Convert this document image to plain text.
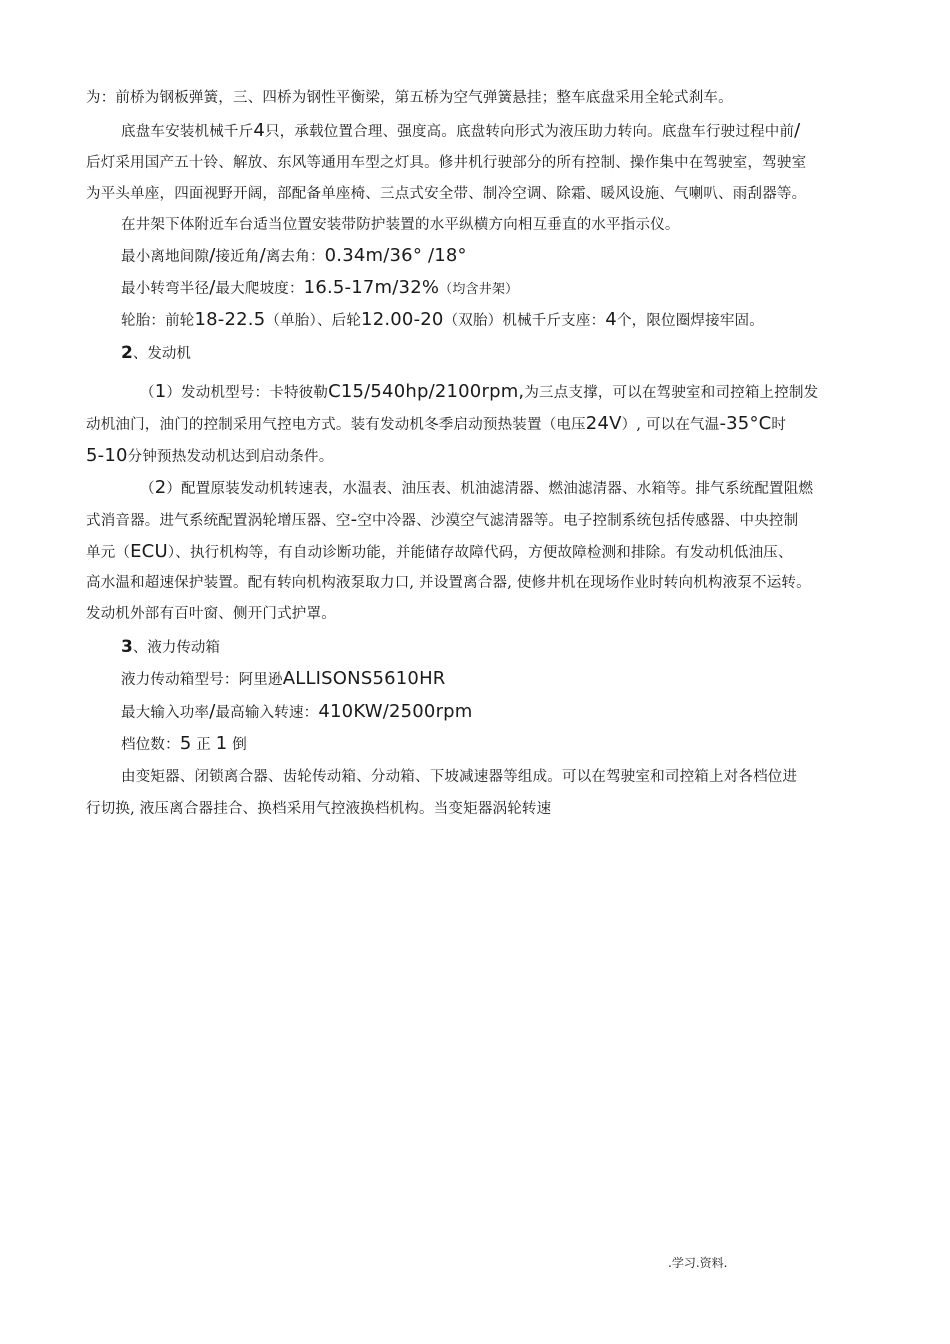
为：前桥为钢板弹簧，三、四桥为钢性平衡梁，第五桥为空气弹簧悬挂；整车底盘采用全轮式刹车。
底盘车安装机械千斤4只，承载位置合理、强度高。底盘转向形式为液压助力转向。底盘车行驶过程中前/
后灯采用国产五十铃、解放、东风等通用车型之灯具。修井机行驶部分的所有控制、操作集中在驾驶室，驾驶室
为平头单座，四面视野开阔，部配备单座椅、三点式安全带、制冷空调、除霜、暖风设施、气喇叭、雨刮器等。
在井架下体附近车台适当位置安装带防护装置的水平纵横方向相互垂直的水平指示仪。
最小离地间隙/接近角/离去角：0.34m/36° /18°
最小转弯半径/最大爬坡度：16.5-17m/32%（均含井架）
轮胎：前轮18-22.5（单胎）、后轮12.00-20（双胎）机械千斤支座：4个，限位圈焊接牢固。
2、发动机
（1）发动机型号：卡特彼勒C15/540hp/2100rpm,为三点支撑，可以在驾驶室和司控箱上控制发
动机油门，油门的控制采用气控电方式。装有发动机冬季启动预热装置（电压24V）, 可以在气温-35°C时
5-10分钟预热发动机达到启动条件。
（2）配置原装发动机转速表，水温表、油压表、机油滤清器、燃油滤清器、水箱等。排气系统配置阻燃
式消音器。进气系统配置涡轮增压器、空-空中冷器、沙漠空气滤清器等。电子控制系统包括传感器、中央控制
单元（ECU）、执行机构等，有自动诊断功能，并能储存故障代码，方便故障检测和排除。有发动机低油压、
高水温和超速保护装置。配有转向机构液泵取力口, 并设置离合器, 使修井机在现场作业时转向机构液泵不运转。
发动机外部有百叶窗、侧开门式护罩。
3、液力传动箱
液力传动箱型号：阿里逊ALLISONS5610HR
最大输入功率/最高输入转速：410KW/2500rpm
档位数：5 正 1 倒
由变矩器、闭锁离合器、齿轮传动箱、分动箱、下坡减速器等组成。可以在驾驶室和司控箱上对各档位进
行切换, 液压离合器挂合、换档采用气控液换档机构。当变矩器涡轮转速
.学习.资料.
